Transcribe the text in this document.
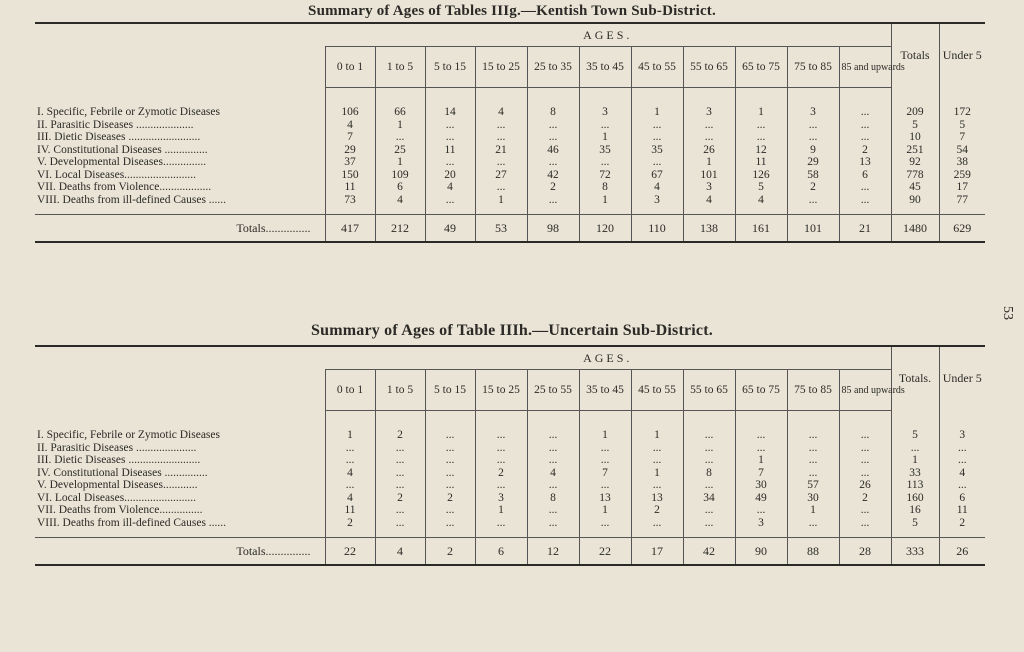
Summary of Ages of Tables IIIg.—Kentish Town Sub-District.

	AGES.											Totals	Under 5
	0 to 1	1 to 5	5 to 15	15 to 25	25 to 35	35 to 45	45 to 55	55 to 65	65 to 75	75 to 85	85 and upwards		

I. Specific, Febrile or Zymotic Diseases	106	66	14	4	8	3	1	3	1	3	...	209	172
II. Parasitic Diseases ....................	4	1	...	...	...	...	...	...	...	...	...	5	5
III. Dietic Diseases .........................	7	...	...	...	...	1	...	...	...	...	...	10	7
IV. Constitutional Diseases ...............	29	25	11	21	46	35	35	26	12	9	2	251	54
V. Developmental Diseases...............	37	1	...	...	...	...	...	1	11	29	13	92	38
VI. Local Diseases.........................	150	109	20	27	42	72	67	101	126	58	6	778	259
VII. Deaths from Violence..................	11	6	4	...	2	8	4	3	5	2	...	45	17
VIII. Deaths from ill-defined Causes ......	73	4	...	1	...	1	3	4	4	...	...	90	77

Totals...............	417	212	49	53	98	120	110	138	161	101	21	1480	629
Summary of Ages of Table IIIh.—Uncertain Sub-District.

	AGES.											Totals.	Under 5
	0 to 1	1 to 5	5 to 15	15 to 25	25 to 55	35 to 45	45 to 55	55 to 65	65 to 75	75 to 85	85 and upwards		

I. Specific, Febrile or Zymotic Diseases	1	2	...	...	...	1	1	...	...	...	...	5	3
II. Parasitic Diseases .....................	...	...	...	...	...	...	...	...	...	...	...	...	...
III. Dietic Diseases .........................	...	...	...	...	...	...	...	...	1	...	...	1	...
IV. Constitutional Diseases ...............	4	...	...	2	4	7	1	8	7	...	...	33	4
V. Developmental Diseases............	...	...	...	...	...	...	...	...	30	57	26	113	...
VI. Local Diseases.........................	4	2	2	3	8	13	13	34	49	30	2	160	6
VII. Deaths from Violence...............	11	...	...	1	...	1	2	...	...	1	...	16	11
VIII. Deaths from ill-defined Causes ......	2	...	...	...	...	...	...	...	3	...	...	5	2

Totals...............	22	4	2	6	12	22	17	42	90	88	28	333	26
53
